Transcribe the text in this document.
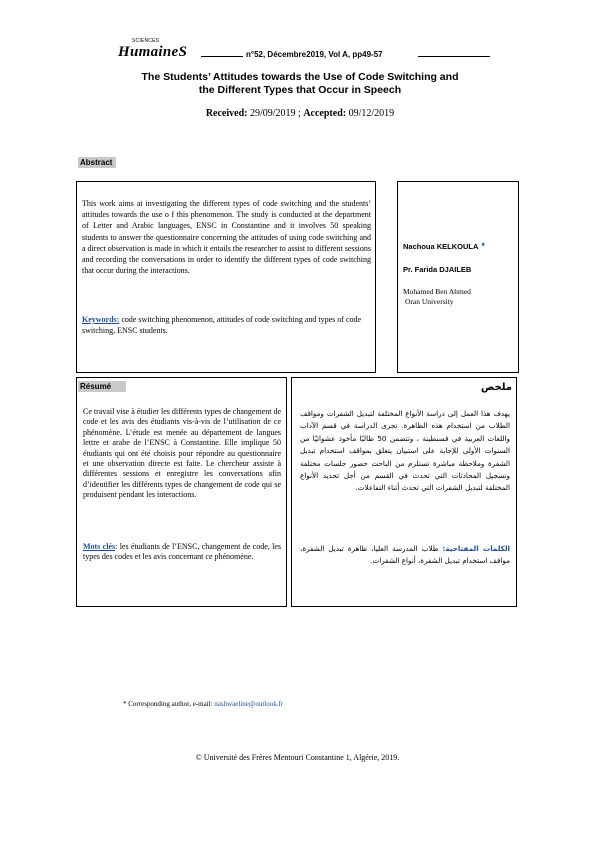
SCIENCES
HumaineS	n°52, Décembre2019, Vol A, pp49-57
The Students’ Attitudes towards the Use of Code Switching and
the Different Types that Occur in Speech
Received: 29/09/2019 ; Accepted: 09/12/2019
Abstract
This work aims at investigating the different types of code switching and the students’ attitudes towards the use o f this phenomenon. The study is conducted at the department of Letter and Arabic languages, ENSC in Constantine and it involves 50 speaking students to answer the questionnaire concerning the attitudes of using code switching and a direct observation is made in which it entails the researcher to assist to different sessions and recording the conversations in order to identify the different types of code switching that occur during the interactions.
Keywords: code switching phenomenon, attitudes of code switching and types of code switching, ENSC students.
Nachoua KELKOULA *
Pr. Farida DJAILEB
Mohamed Ben Ahmed
Oran University
Résumé
Ce travail vise à étudier les différents types de changement de code et les avis des étudiants vis-à-vis de l’utilisation de ce phénomène. L’étude est menée au département de langues lettre et arabe de l’ENSC à Constantine. Elle implique 50 étudiants qui ont été choisis pour répondre au questionnaire et une observation directe est faite. Le chercheur assiste à différentes sessions et enregistre les conversations afin d’identifier les différents types de changement de code qui se produisent pendant les interactions.
Mots clés: les étudiants de l’ENSC, changement de code, les types des codes et les avis concernant ce phénomène.
ملخص
يهدف هذا العمل إلى دراسة الأنواع المختلفة لتبديل الشفرات ومواقف الطلاب من استخدام هذه الظاهرة. تجرى الدراسة في قسم الآداب واللغات العربية في قسنطينة ، وتتضمن 50 طالبًا مأخوذ عشوائيًا من السنوات الأولى للإجابة على استبيان يتعلق بمواقف استخدام تبديل الشفرة وملاحظة مباشرة تستلزم من الباحث حضور جلسات مختلفة وتسجيل المحادثات التي تحدث في القسم من أجل تحديد الأنواع المختلفة لتبديل الشفرات التي تحدث أثناء التفاعلات.
الكلمات المفتاحية: طلاب المدرسة العليا، ظاهرة تبديل الشفرة، مواقف استخدام تبديل الشفرة، أنواع الشفرات.
* Corresponding author, e-mail: nashwaeline@outlook.fr
© Université des Frères Mentouri Constantine 1, Algérie, 2019.
